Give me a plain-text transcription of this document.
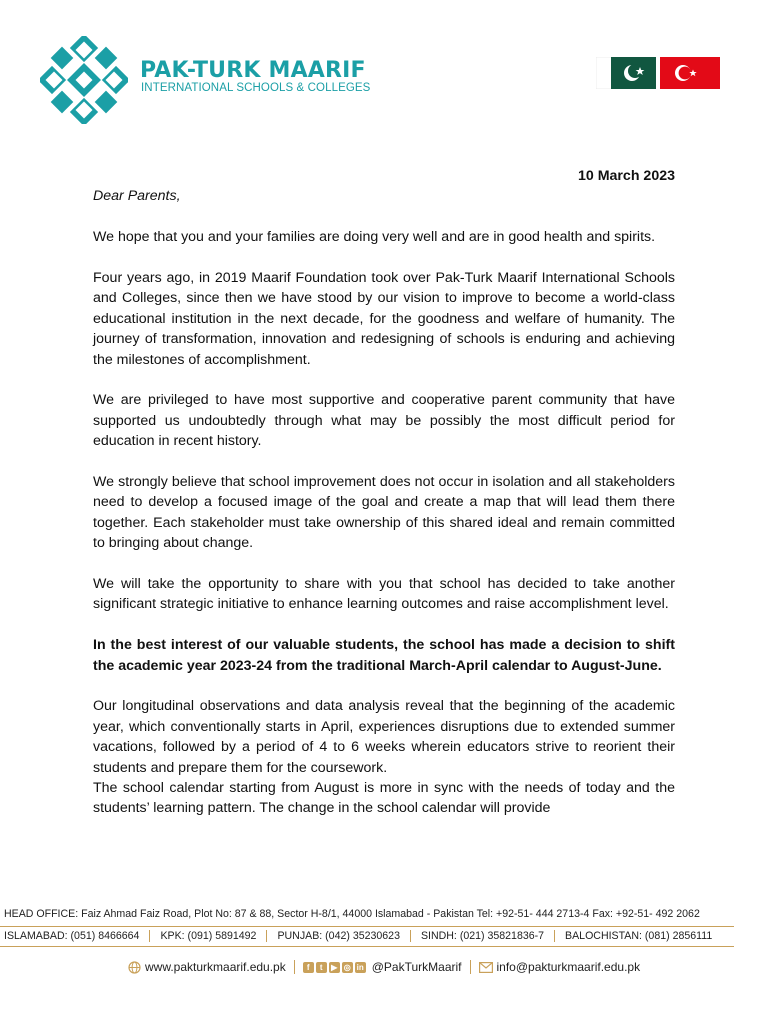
PAK-TURK MAARIF
INTERNATIONAL SCHOOLS & COLLEGES

10 March 2023

Dear Parents,

We hope that you and your families are doing very well and are in good health and spirits.

Four years ago, in 2019 Maarif Foundation took over Pak-Turk Maarif International Schools and Colleges, since then we have stood by our vision to improve to become a world-class educational institution in the next decade, for the goodness and welfare of humanity. The journey of transformation, innovation and redesigning of schools is enduring and achieving the milestones of accomplishment.

We are privileged to have most supportive and cooperative parent community that have supported us undoubtedly through what may be possibly the most difficult period for education in recent history.

We strongly believe that school improvement does not occur in isolation and all stakeholders need to develop a focused image of the goal and create a map that will lead them there together. Each stakeholder must take ownership of this shared ideal and remain committed to bringing about change.

We will take the opportunity to share with you that school has decided to take another significant strategic initiative to enhance learning outcomes and raise accomplishment level.

In the best interest of our valuable students, the school has made a decision to shift the academic year 2023-24 from the traditional March-April calendar to August-June.

Our longitudinal observations and data analysis reveal that the beginning of the academic year, which conventionally starts in April, experiences disruptions due to extended summer vacations, followed by a period of 4 to 6 weeks wherein educators strive to reorient their students and prepare them for the coursework.

The school calendar starting from August is more in sync with the needs of today and the students’ learning pattern. The change in the school calendar will provide

HEAD OFFICE: Faiz Ahmad Faiz Road, Plot No: 87 & 88, Sector H-8/1, 44000 Islamabad - Pakistan Tel: +92-51- 444 2713-4 Fax: +92-51- 492 2062
ISLAMABAD: (051) 8466664	KPK: (091) 5891492	PUNJAB: (042) 35230623	SINDH: (021) 35821836-7	BALOCHISTAN: (081) 2856111
www.pakturkmaarif.edu.pk	f	t	▶ ◎ in @PakTurkMaarif	info@pakturkmaarif.edu.pk
